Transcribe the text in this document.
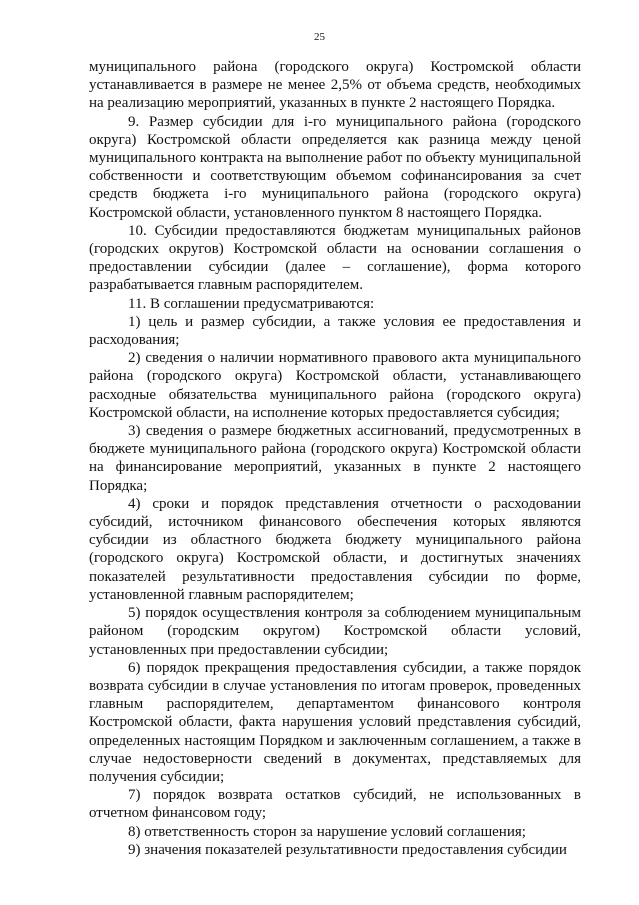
25

муниципального района (городского округа) Костромской области устанавливается в размере не менее 2,5% от объема средств, необходимых на реализацию мероприятий, указанных в пункте 2 настоящего Порядка.

9. Размер субсидии для i-го муниципального района (городского округа) Костромской области определяется как разница между ценой муниципального контракта на выполнение работ по объекту муниципальной собственности и соответствующим объемом софинансирования за счет средств бюджета i-го муниципального района (городского округа) Костромской области, установленного пунктом 8 настоящего Порядка.

10. Субсидии предоставляются бюджетам муниципальных районов (городских округов) Костромской области на основании соглашения о предоставлении субсидии (далее – соглашение), форма которого разрабатывается главным распорядителем.

11. В соглашении предусматриваются:

1) цель и размер субсидии, а также условия ее предоставления и расходования;

2) сведения о наличии нормативного правового акта муниципального района (городского округа) Костромской области, устанавливающего расходные обязательства муниципального района (городского округа) Костромской области, на исполнение которых предоставляется субсидия;

3) сведения о размере бюджетных ассигнований, предусмотренных в бюджете муниципального района (городского округа) Костромской области на финансирование мероприятий, указанных в пункте 2 настоящего Порядка;

4) сроки и порядок представления отчетности о расходовании субсидий, источником финансового обеспечения которых являются субсидии из областного бюджета бюджету муниципального района (городского округа) Костромской области, и достигнутых значениях показателей результативности предоставления субсидии по форме, установленной главным распорядителем;

5) порядок осуществления контроля за соблюдением муниципальным районом (городским округом) Костромской области условий, установленных при предоставлении субсидии;

6) порядок прекращения предоставления субсидии, а также порядок возврата субсидии в случае установления по итогам проверок, проведенных главным распорядителем, департаментом финансового контроля Костромской области, факта нарушения условий представления субсидий, определенных настоящим Порядком и заключенным соглашением, а также в случае недостоверности сведений в документах, представляемых для получения субсидии;

7) порядок возврата остатков субсидий, не использованных в отчетном финансовом году;

8) ответственность сторон за нарушение условий соглашения;

9) значения показателей результативности предоставления субсидии
